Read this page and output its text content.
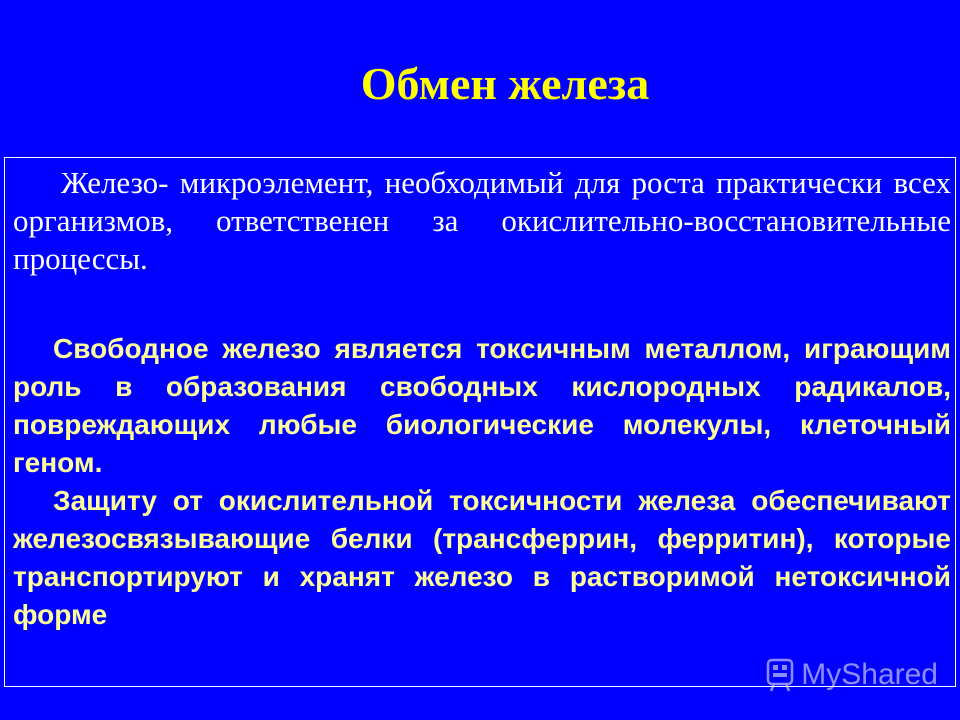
Обмен железа

Железо- микроэлемент, необходимый для роста практически всех организмов, ответственен за окислительно-восстановительные процессы.

Свободное железо является токсичным металлом, играющим роль в образования свободных кислородных радикалов, повреждающих любые биологические молекулы, клеточный геном.

Защиту от окислительной токсичности железа обеспечивают железосвязывающие белки (трансферрин, ферритин), которые транспортируют и хранят железо в растворимой нетоксичной форме

MyShared
